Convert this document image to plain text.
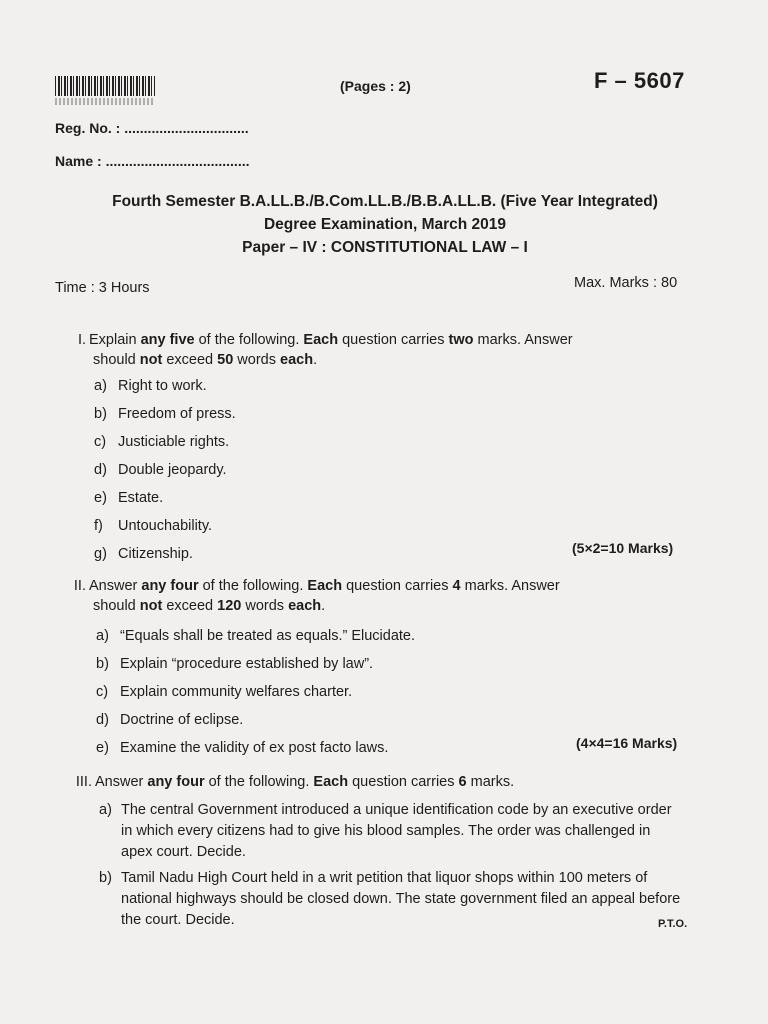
(Pages : 2)	F – 5607
Reg. No. : ................................
Name : .....................................
Fourth Semester B.A.LL.B./B.Com.LL.B./B.B.A.LL.B. (Five Year Integrated)
Degree Examination, March 2019
Paper – IV : CONSTITUTIONAL LAW – I
Time : 3 Hours	Max. Marks : 80
I. Explain any five of the following. Each question carries two marks. Answer
should not exceed 50 words each.
a) Right to work.
b) Freedom of press.
c) Justiciable rights.
d) Double jeopardy.
e) Estate.
f) Untouchability.
g) Citizenship.	(5×2=10 Marks)
II. Answer any four of the following. Each question carries 4 marks. Answer
should not exceed 120 words each.
a) “Equals shall be treated as equals.” Elucidate.
b) Explain “procedure established by law”.
c) Explain community welfares charter.
d) Doctrine of eclipse.
e) Examine the validity of ex post facto laws.	(4×4=16 Marks)
III. Answer any four of the following. Each question carries 6 marks.
a) The central Government introduced a unique identification code by an executive order in which every citizens had to give his blood samples. The order was challenged in apex court. Decide.
b) Tamil Nadu High Court held in a writ petition that liquor shops within 100 meters of national highways should be closed down. The state government filed an appeal before the court. Decide.	P.T.O.
